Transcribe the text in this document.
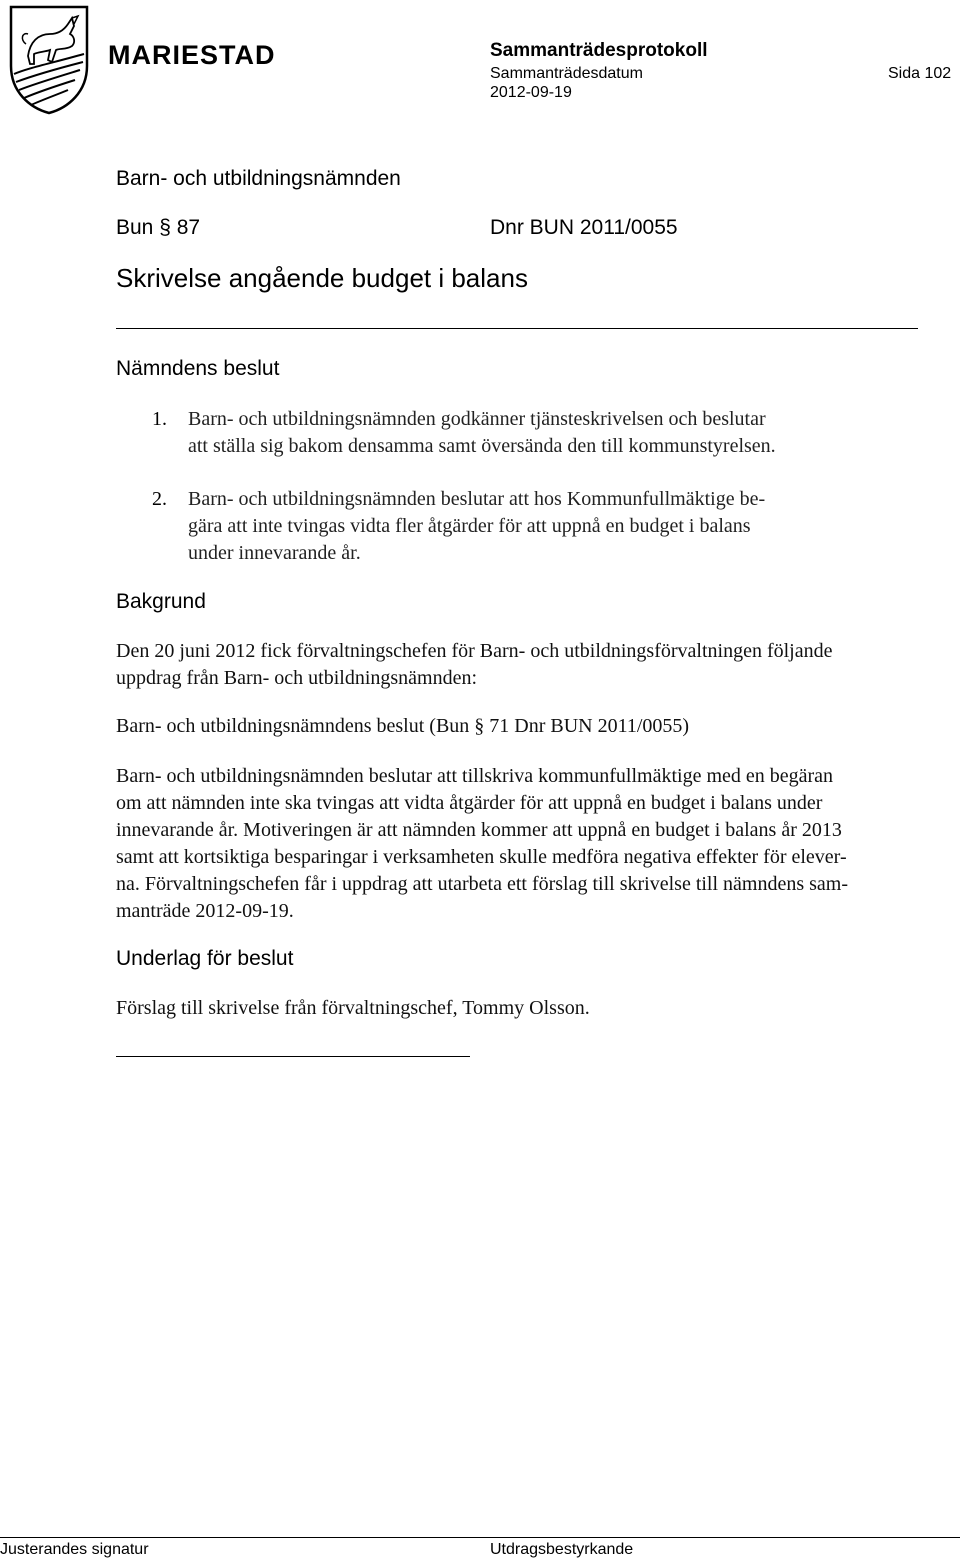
MARIESTAD	Sammanträdesprotokoll
Sammanträdesdatum	Sida 102
2012-09-19
Barn- och utbildningsnämnden
Bun § 87	Dnr BUN 2011/0055
Skrivelse angående budget i balans
Nämndens beslut
1. Barn- och utbildningsnämnden godkänner tjänsteskrivelsen och beslutar
att ställa sig bakom densamma samt översända den till kommunstyrelsen.
2. Barn- och utbildningsnämnden beslutar att hos Kommunfullmäktige be-
gära att inte tvingas vidta fler åtgärder för att uppnå en budget i balans
under innevarande år.
Bakgrund
Den 20 juni 2012 fick förvaltningschefen för Barn- och utbildningsförvaltningen följande
uppdrag från Barn- och utbildningsnämnden:
Barn- och utbildningsnämndens beslut (Bun § 71 Dnr BUN 2011/0055)
Barn- och utbildningsnämnden beslutar att tillskriva kommunfullmäktige med en begäran
om att nämnden inte ska tvingas att vidta åtgärder för att uppnå en budget i balans under
innevarande år. Motiveringen är att nämnden kommer att uppnå en budget i balans år 2013
samt att kortsiktiga besparingar i verksamheten skulle medföra negativa effekter för elever-
na. Förvaltningschefen får i uppdrag att utarbeta ett förslag till skrivelse till nämndens sam-
manträde 2012-09-19.
Underlag för beslut
Förslag till skrivelse från förvaltningschef, Tommy Olsson.
Justerandes signatur	Utdragsbestyrkande
